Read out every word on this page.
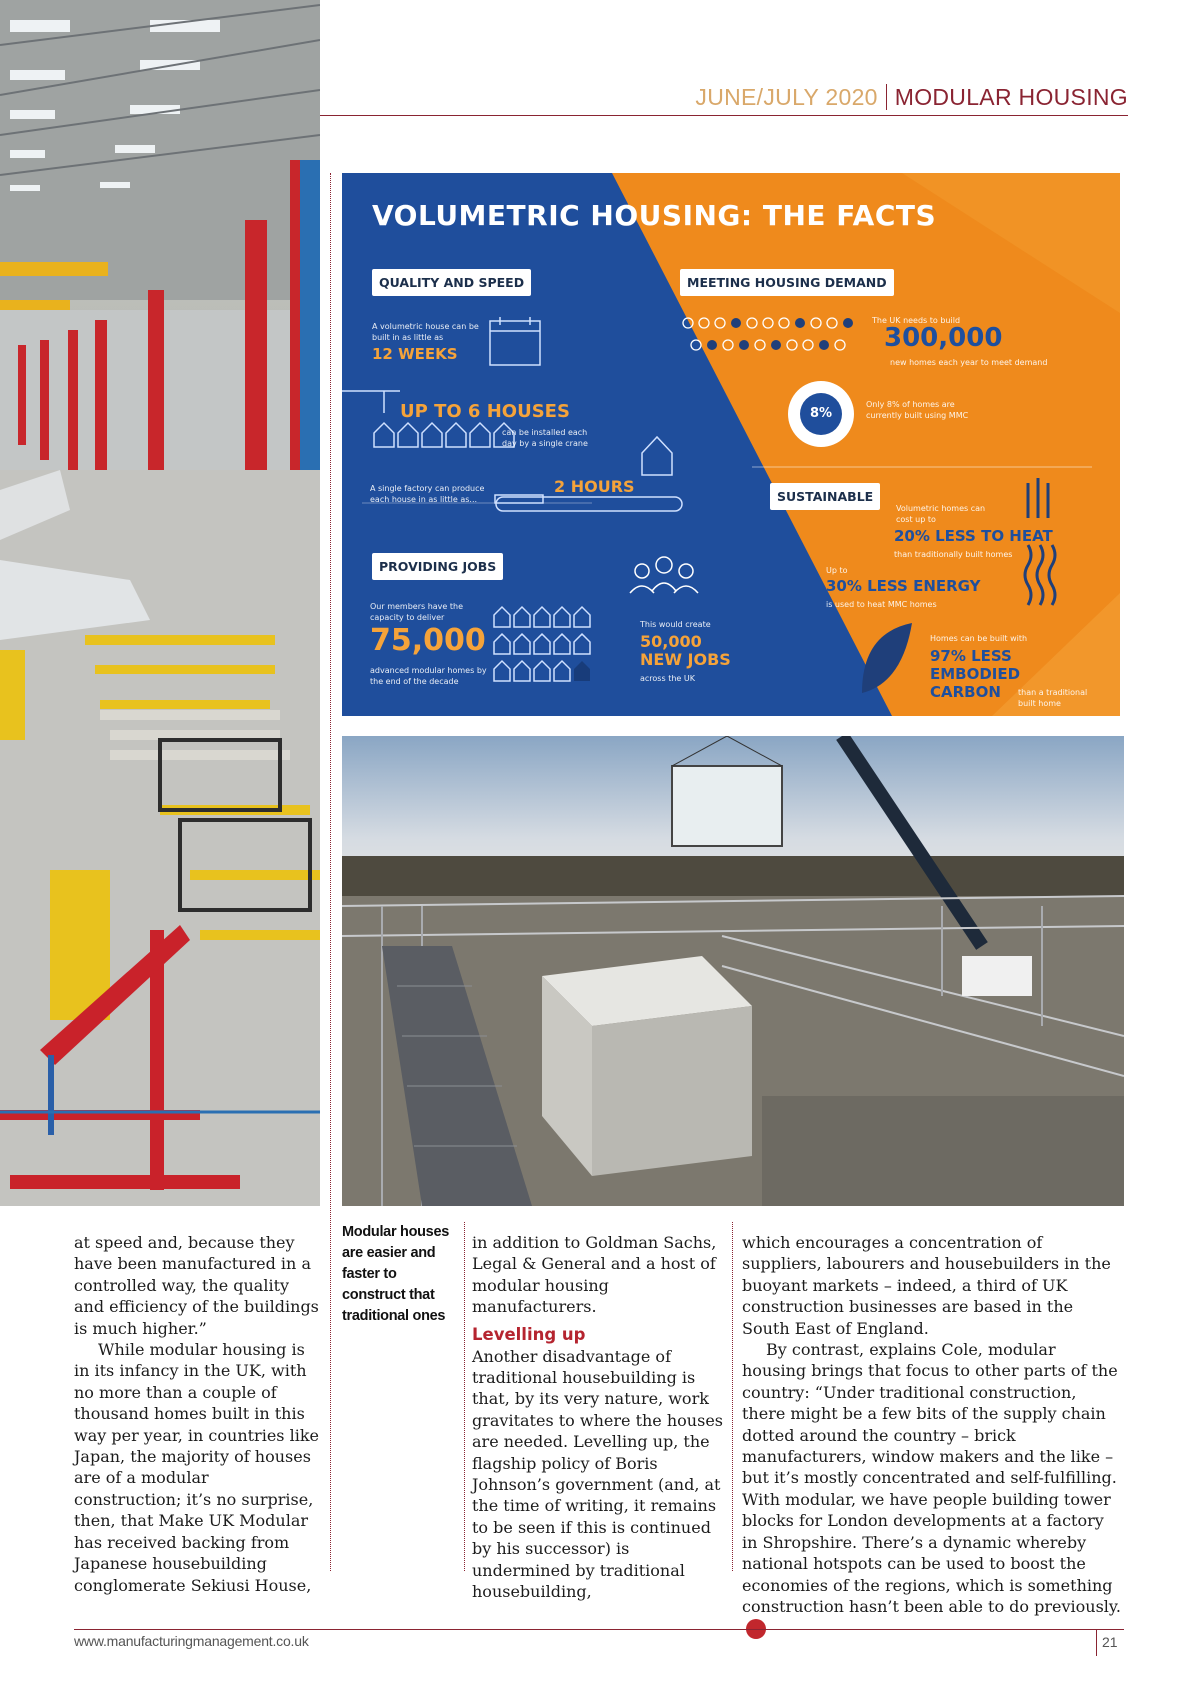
JUNE/JULY 2020 MODULAR HOUSING
VOLUMETRIC HOUSING: THE FACTS
QUALITY AND SPEED
A volumetric house can be built in as little as
12 WEEKS
UP TO 6 HOUSES
can be installed each day by a single crane
A single factory can produce each house in as little as...
2 HOURS
PROVIDING JOBS
Our members have the capacity to deliver
75,000
advanced modular homes by the end of the decade
This would create
50,000
NEW JOBS
across the UK
MEETING HOUSING DEMAND
The UK needs to build
300,000
new homes each year to meet demand
8%
Only 8% of homes are currently built using MMC
SUSTAINABLE
Volumetric homes can cost up to
20% LESS TO HEAT
than traditionally built homes
Up to
30% LESS ENERGY
is used to heat MMC homes
Homes can be built with
97% LESS
EMBODIED
CARBON than a traditional built home

at speed and, because they have been manufactured in a controlled way, the quality and efficiency of the buildings is much higher.”

While modular housing is in its infancy in the UK, with no more than a couple of thousand homes built in this way per year, in countries like Japan, the majority of houses are of a modular construction; it’s no surprise, then, that Make UK Modular has received backing from Japanese housebuilding conglomerate Sekiusi House,

Modular houses are easier and faster to construct that traditional ones

in addition to Goldman Sachs, Legal & General and a host of modular housing manufacturers.

Levelling up

Another disadvantage of traditional housebuilding is that, by its very nature, work gravitates to where the houses are needed. Levelling up, the flagship policy of Boris Johnson’s government (and, at the time of writing, it remains to be seen if this is continued by his successor) is undermined by traditional housebuilding,

which encourages a concentration of suppliers, labourers and housebuilders in the buoyant markets – indeed, a third of UK construction businesses are based in the South East of England.

By contrast, explains Cole, modular housing brings that focus to other parts of the country: “Under traditional construction, there might be a few bits of the supply chain dotted around the country – brick manufacturers, window makers and the like – but it’s mostly concentrated and self-fulfilling. With modular, we have people building tower blocks for London developments at a factory in Shropshire. There’s a dynamic whereby national hotspots can be used to boost the economies of the regions, which is something construction hasn’t been able to do previously.▶

www.manufacturingmanagement.co.uk	21
